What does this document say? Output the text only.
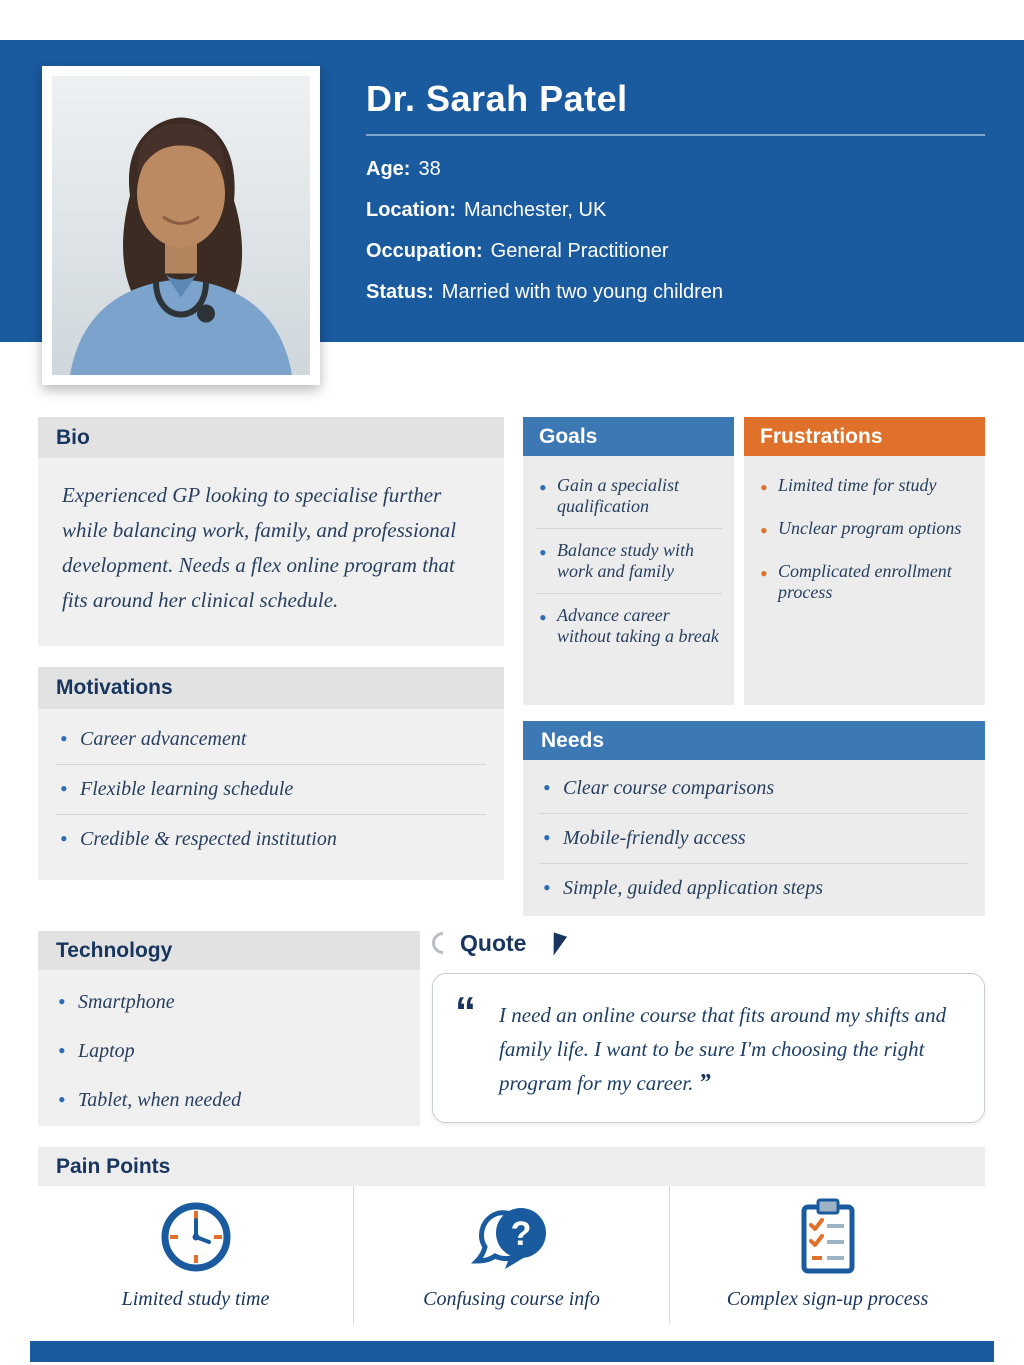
Dr. Sarah Patel
Age: 38
Location: Manchester, UK
Occupation: General Practitioner
Status: Married with two young children
Bio
Experienced GP looking to specialise further while balancing work, family, and professional development. Needs a flex online program that fits around her clinical schedule.
Motivations
• Career advancement
• Flexible learning schedule
• Credible & respected institution
Goals
• Gain a specialist qualification
• Balance study with work and family
• Advance career without taking a break
Frustrations
• Limited time for study
• Unclear program options
• Complicated enrollment process
Needs
• Clear course comparisons
• Mobile-friendly access
• Simple, guided application steps
Technology
• Smartphone
• Laptop
• Tablet, when needed
Quote
“ I need an online course that fits around my shifts and family life. I want to be sure I'm choosing the right program for my career. ”
Pain Points
Limited study time
?
Confusing course info	Complex sign-up process
